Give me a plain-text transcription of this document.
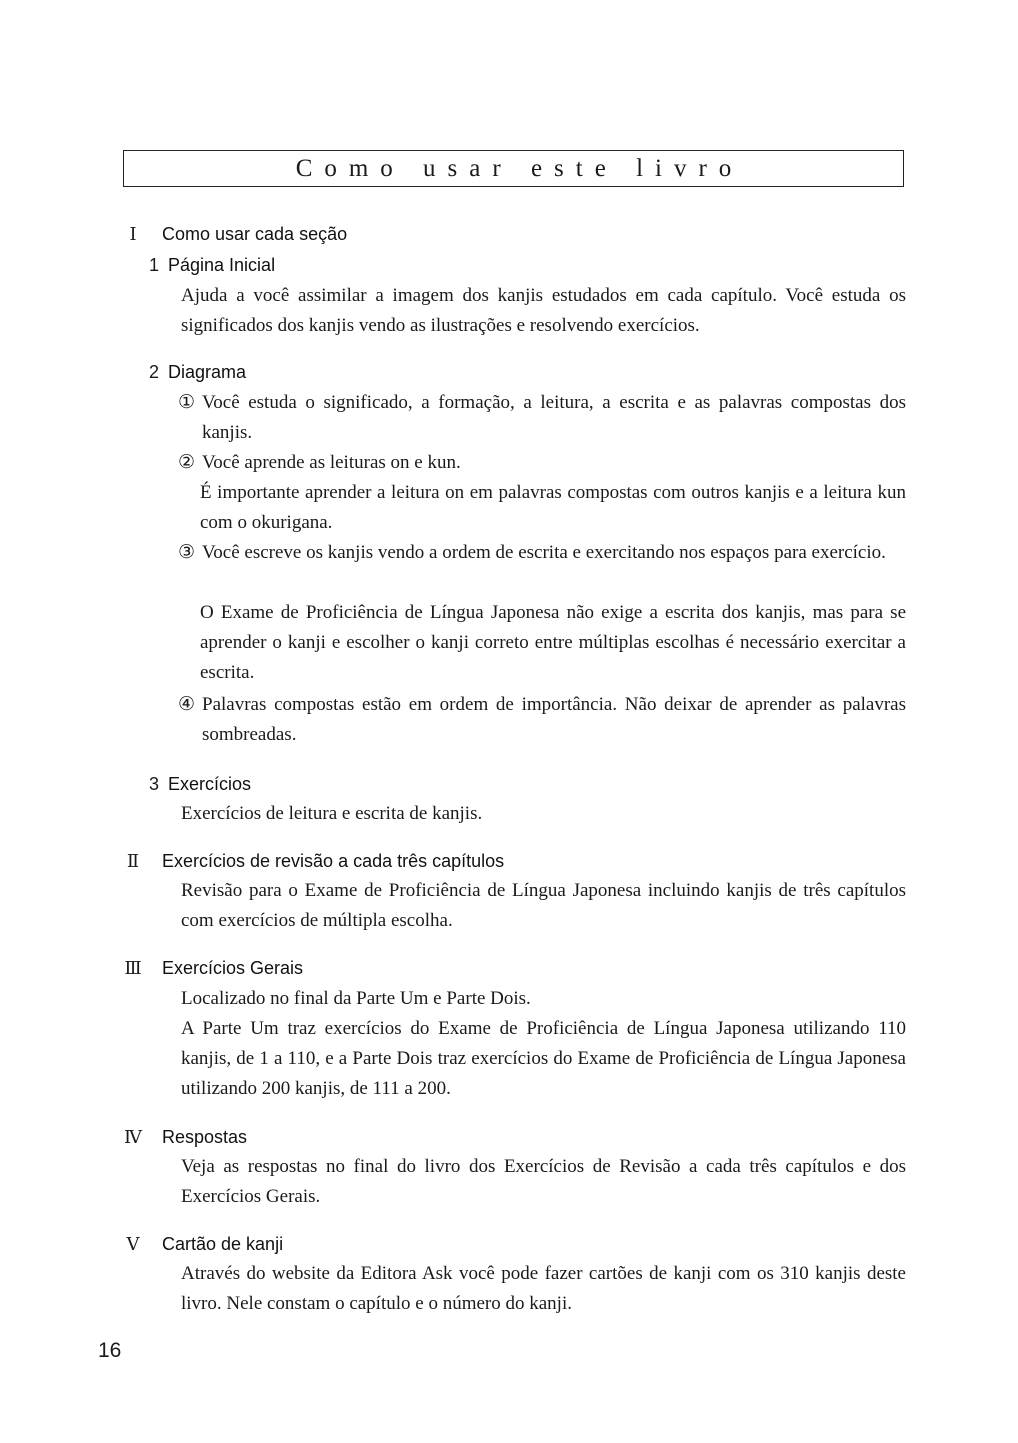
Como usar este livro
Ⅰ	Como usar cada seção
1 Página Inicial

Ajuda a você assimilar a imagem dos kanjis estudados em cada capítulo. Você estuda os significados dos kanjis vendo as ilustrações e resolvendo exercícios.

2 Diagrama
① Você estuda o significado, a formação, a leitura, a escrita e as palavras compostas dos kanjis.
② Você aprende as leituras on e kun.

É importante aprender a leitura on em palavras compostas com outros kanjis e a leitura kun com o okurigana.

③ Você escreve os kanjis vendo a ordem de escrita e exercitando nos espaços para exercício.

O Exame de Proficiência de Língua Japonesa não exige a escrita dos kanjis, mas para se aprender o kanji e escolher o kanji correto entre múltiplas escolhas é necessário exercitar a escrita.

④ Palavras compostas estão em ordem de importância. Não deixar de aprender as palavras sombreadas.
3 Exercícios

Exercícios de leitura e escrita de kanjis.

Ⅱ	Exercícios de revisão a cada três capítulos

Revisão para o Exame de Proficiência de Língua Japonesa incluindo kanjis de três capítulos com exercícios de múltipla escolha.

Ⅲ	Exercícios Gerais

Localizado no final da Parte Um e Parte Dois.

A Parte Um traz exercícios do Exame de Proficiência de Língua Japonesa utilizando 110 kanjis, de 1 a 110, e a Parte Dois traz exercícios do Exame de Proficiência de Língua Japonesa utilizando 200 kanjis, de 111 a 200.

Ⅳ	Respostas

Veja as respostas no final do livro dos Exercícios de Revisão a cada três capítulos e dos Exercícios Gerais.

Ⅴ	Cartão de kanji

Através do website da Editora Ask você pode fazer cartões de kanji com os 310 kanjis deste livro. Nele constam o capítulo e o número do kanji.

16
